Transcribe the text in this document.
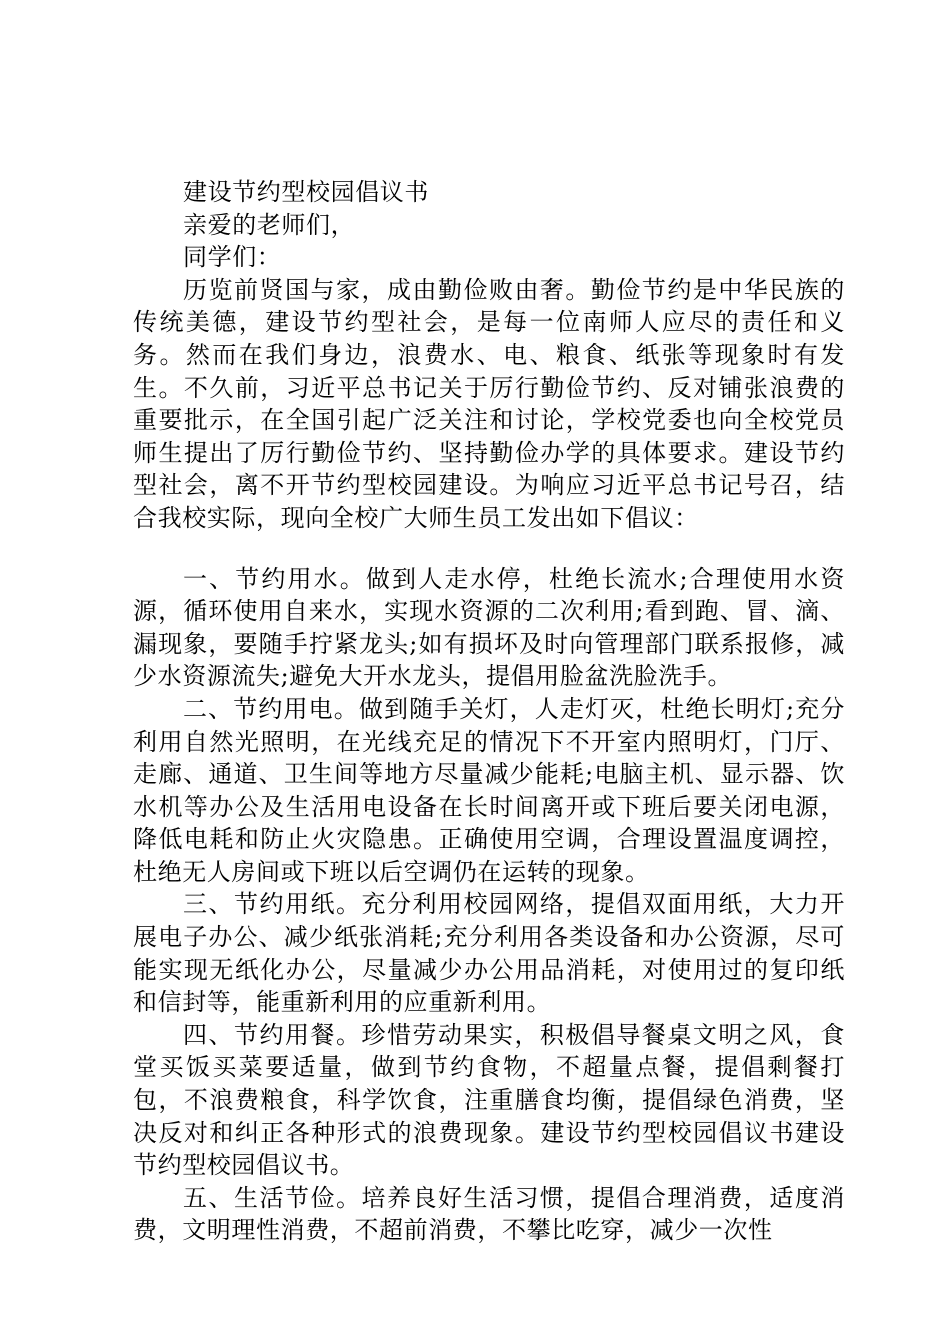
建设节约型校园倡议书

亲爱的老师们，

同学们：

历览前贤国与家，成由勤俭败由奢。勤俭节约是中华民族的传统美德，建设节约型社会，是每一位南师人应尽的责任和义务。然而在我们身边，浪费水、电、粮食、纸张等现象时有发生。不久前，习近平总书记关于厉行勤俭节约、反对铺张浪费的重要批示，在全国引起广泛关注和讨论，学校党委也向全校党员师生提出了厉行勤俭节约、坚持勤俭办学的具体要求。建设节约型社会，离不开节约型校园建设。为响应习近平总书记号召，结合我校实际，现向全校广大师生员工发出如下倡议：

一、节约用水。做到人走水停，杜绝长流水;合理使用水资源，循环使用自来水，实现水资源的二次利用;看到跑、冒、滴、漏现象，要随手拧紧龙头;如有损坏及时向管理部门联系报修，减少水资源流失;避免大开水龙头，提倡用脸盆洗脸洗手。

二、节约用电。做到随手关灯，人走灯灭，杜绝长明灯;充分利用自然光照明，在光线充足的情况下不开室内照明灯，门厅、走廊、通道、卫生间等地方尽量减少能耗;电脑主机、显示器、饮水机等办公及生活用电设备在长时间离开或下班后要关闭电源，降低电耗和防止火灾隐患。正确使用空调，合理设置温度调控，杜绝无人房间或下班以后空调仍在运转的现象。

三、节约用纸。充分利用校园网络，提倡双面用纸，大力开展电子办公、减少纸张消耗;充分利用各类设备和办公资源，尽可能实现无纸化办公，尽量减少办公用品消耗，对使用过的复印纸和信封等，能重新利用的应重新利用。

四、节约用餐。珍惜劳动果实，积极倡导餐桌文明之风，食堂买饭买菜要适量，做到节约食物，不超量点餐，提倡剩餐打包，不浪费粮食，科学饮食，注重膳食均衡，提倡绿色消费，坚决反对和纠正各种形式的浪费现象。建设节约型校园倡议书建设节约型校园倡议书。

五、生活节俭。培养良好生活习惯，提倡合理消费，适度消费，文明理性消费，不超前消费，不攀比吃穿，减少一次性
